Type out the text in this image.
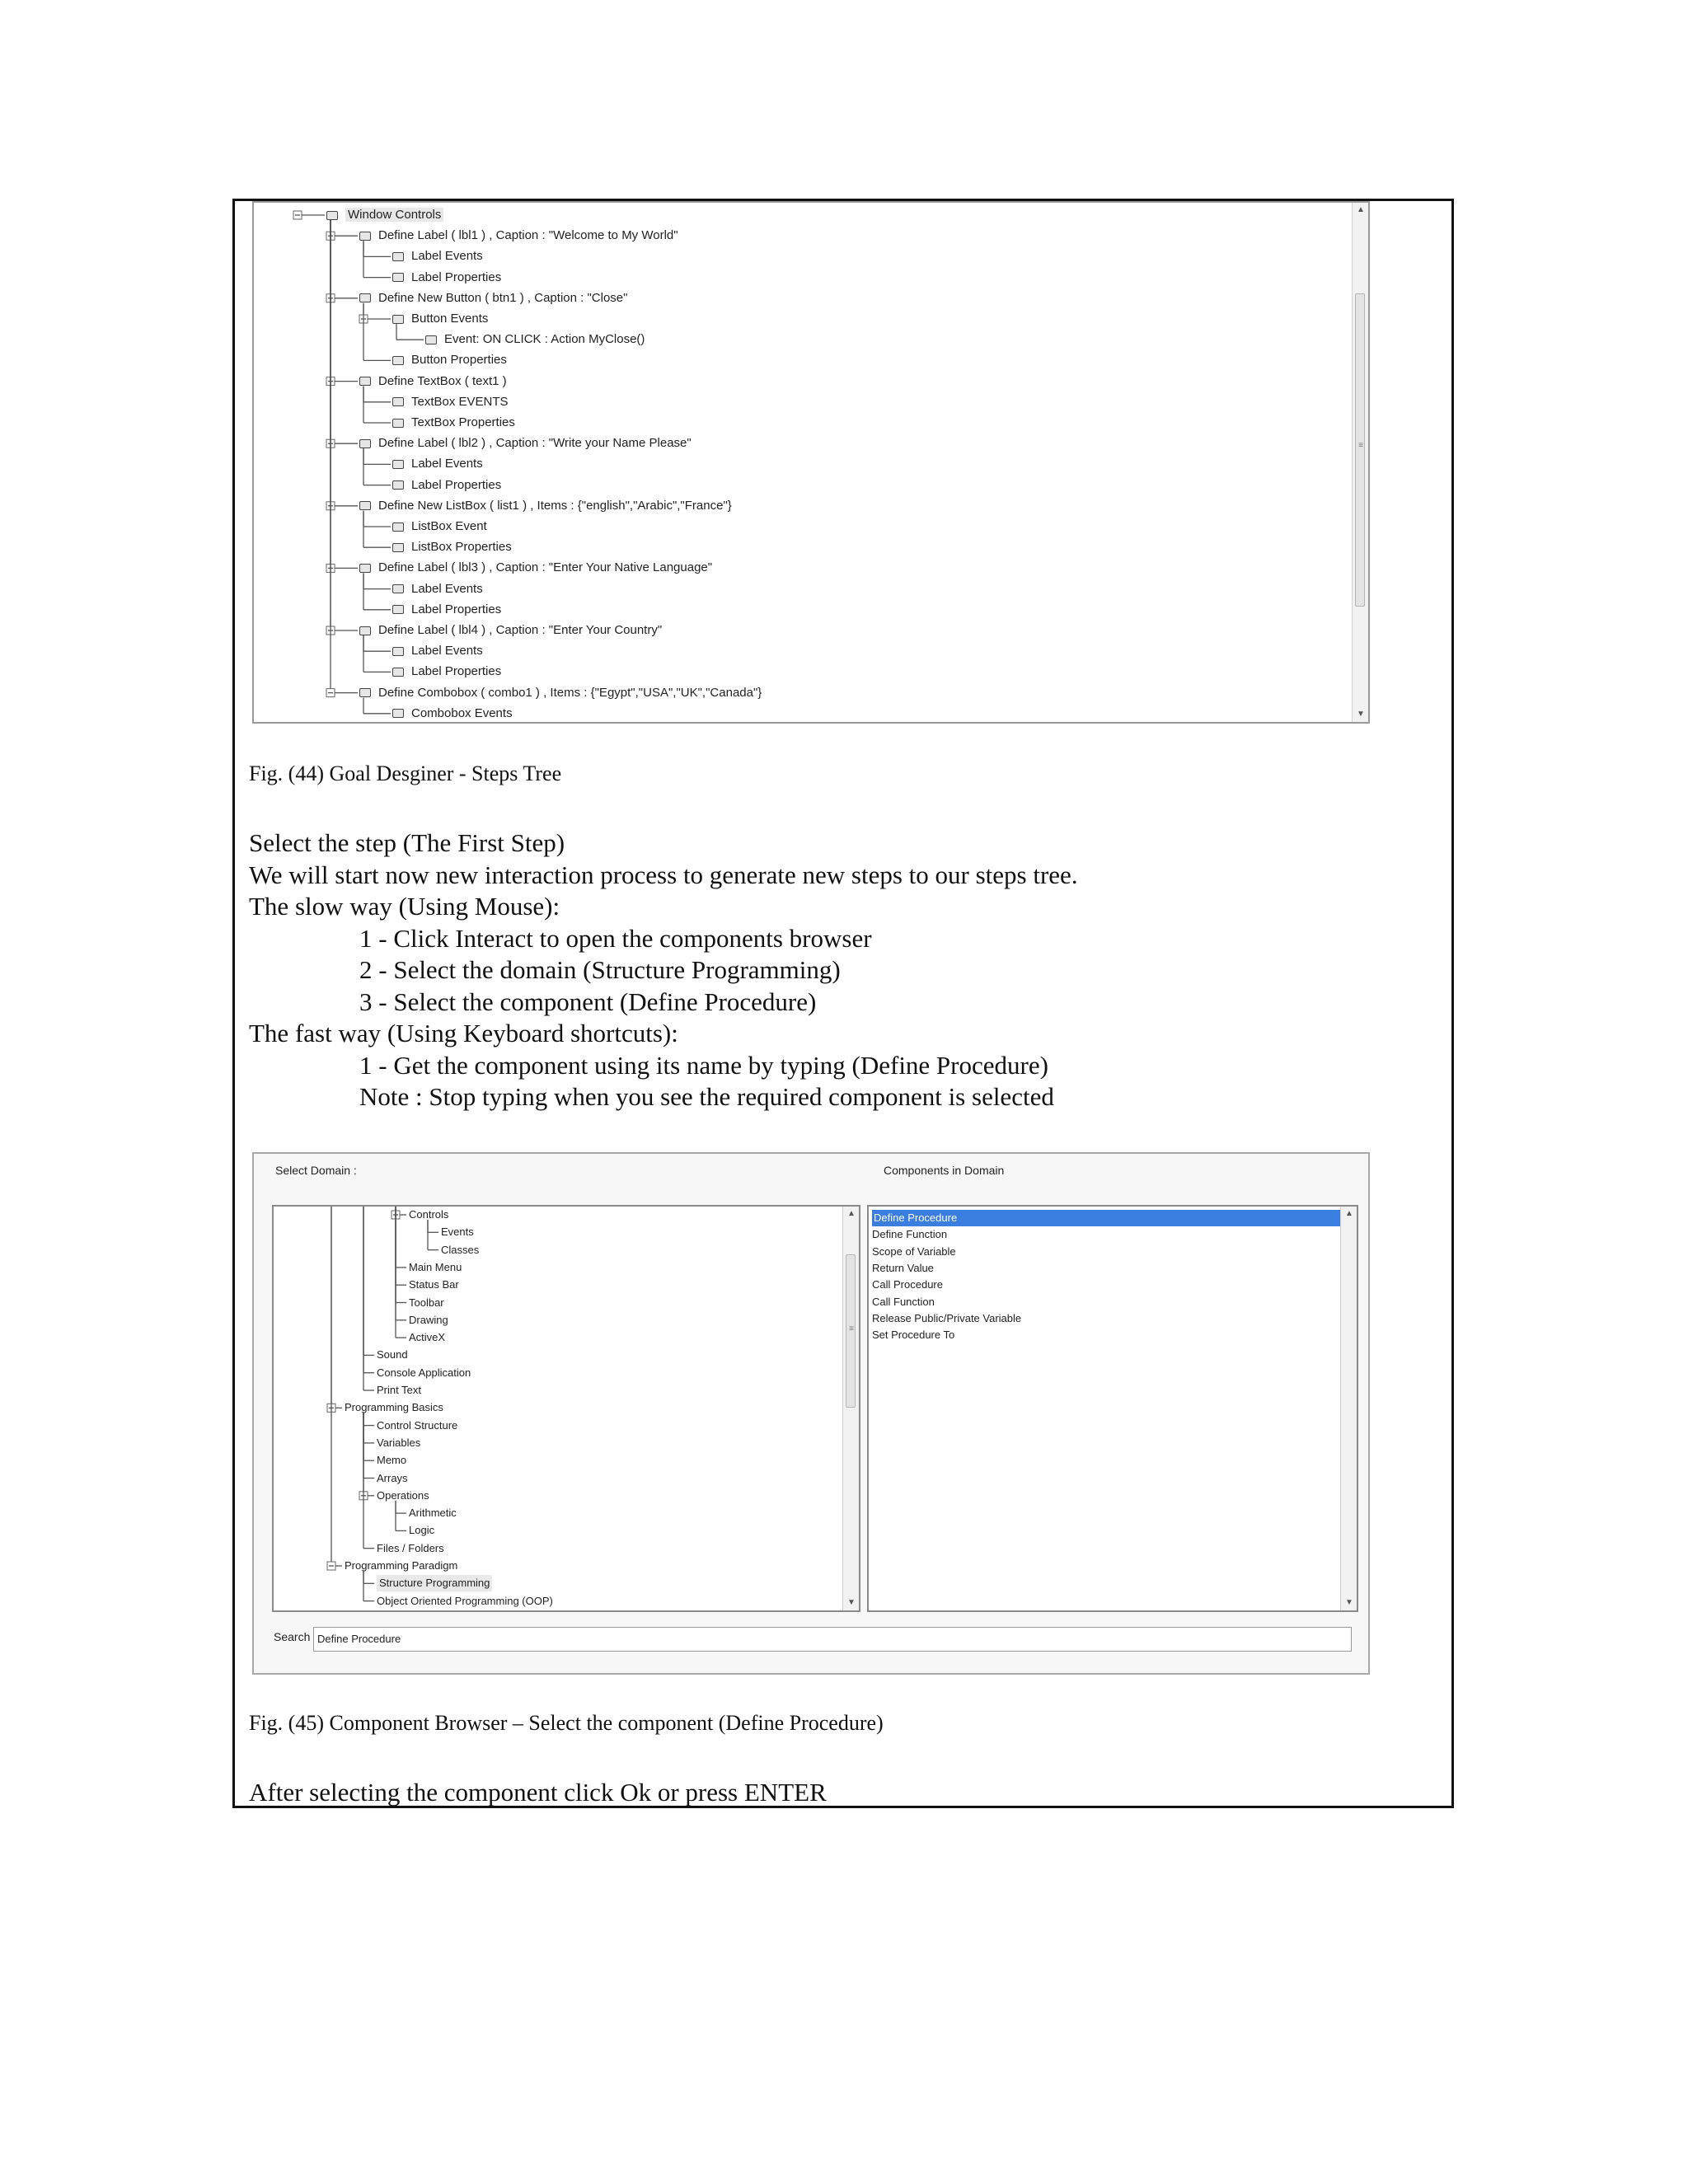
Window Controls
Define Label ( lbl1 ) , Caption : "Welcome to My World"
Label Events
Label Properties
Define New Button ( btn1 ) , Caption : "Close"
Button Events
Event: ON CLICK : Action MyClose()
Button Properties
Define TextBox ( text1 )
TextBox EVENTS
TextBox Properties
Define Label ( lbl2 ) , Caption : "Write your Name Please"
Label Events
Label Properties
Define New ListBox ( list1 ) , Items : {"english","Arabic","France"}
ListBox Event
ListBox Properties
Define Label ( lbl3 ) , Caption : "Enter Your Native Language"
Label Events
Label Properties
Define Label ( lbl4 ) , Caption : "Enter Your Country"
Label Events
Label Properties
Define Combobox ( combo1 ) , Items : {"Egypt","USA","UK","Canada"}
Combobox Events
▲
≡
▼
Fig. (44) Goal Desginer - Steps Tree
Select the step (The First Step)
We will start now new interaction process to generate new steps to our steps tree.
The slow way (Using Mouse):
1 - Click Interact to open the components browser
2 - Select the domain (Structure Programming)
3 - Select the component (Define Procedure)
The fast way (Using Keyboard shortcuts):
1 - Get the component using its name by typing (Define Procedure)
Note : Stop typing when you see the required component is selected
Select Domain :	Components in Domain
Controls
Events
Classes
Main Menu
Status Bar
Toolbar
Drawing
ActiveX
Sound
Console Application
Print Text
Programming Basics
Control Structure
Variables
Memo
Arrays
Operations
Arithmetic
Logic
Files / Folders
Programming Paradigm
Structure Programming
Object Oriented Programming (OOP)
▲
≡
▼
Define Procedure
Define Function
Scope of Variable
Return Value
Call Procedure
Call Function
Release Public/Private Variable
Set Procedure To
▲
▼
Search Define Procedure
Fig. (45) Component Browser – Select the component (Define Procedure)
After selecting the component click Ok or press ENTER
